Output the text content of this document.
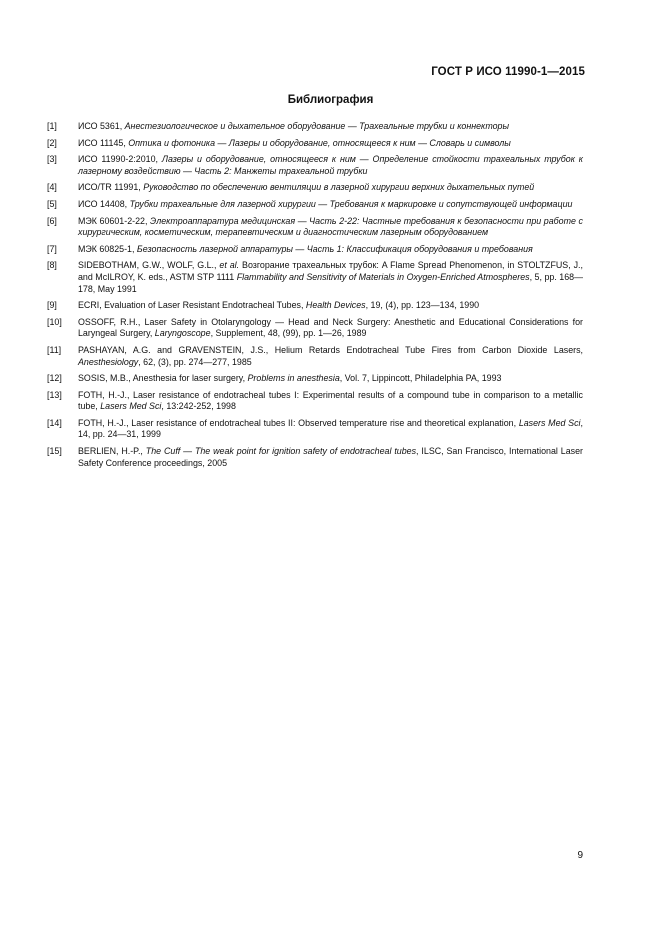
ГОСТ Р ИСО 11990-1—2015
Библиография
[1]	ИСО 5361, Анестезиологическое и дыхательное оборудование — Трахеальные трубки и коннекторы
[2]	ИСО 11145, Оптика и фотоника — Лазеры и оборудование, относящееся к ним — Словарь и символы
[3]	ИСО 11990-2:2010, Лазеры и оборудование, относящееся к ним — Определение стойкости трахеальных трубок к лазерному воздействию — Часть 2: Манжеты трахеальной трубки
[4]	ИСО/TR 11991, Руководство по обеспечению вентиляции в лазерной хирургии верхних дыхательных путей
[5]	ИСО 14408, Трубки трахеальные для лазерной хирургии — Требования к маркировке и сопутствующей информации
[6]	МЭК 60601-2-22, Электроаппаратура медицинская — Часть 2-22: Частные требования к безопасности при работе с хирургическим, косметическим, терапевтическим и диагностическим лазерным оборудованием
[7]	МЭК 60825-1, Безопасность лазерной аппаратуры — Часть 1: Классификация оборудования и требования
[8]	SIDEBOTHAM, G.W., WOLF, G.L., et al. Возгорание трахеальных трубок: A Flame Spread Phenomenon, in STOLTZFUS, J., and McILROY, K. eds., ASTM STP 1111 Flammability and Sensitivity of Materials in Oxygen-Enriched Atmospheres, 5, pp. 168—178, May 1991
[9]	ECRI, Evaluation of Laser Resistant Endotracheal Tubes, Health Devices, 19, (4), pp. 123—134, 1990
[10]	OSSOFF, R.H., Laser Safety in Otolaryngology — Head and Neck Surgery: Anesthetic and Educational Considerations for Laryngeal Surgery, Laryngoscope, Supplement, 48, (99), pp. 1—26, 1989
[11]	PASHAYAN, A.G. and GRAVENSTEIN, J.S., Helium Retards Endotracheal Tube Fires from Carbon Dioxide Lasers, Anesthesiology, 62, (3), pp. 274—277, 1985
[12]	SOSIS, M.B., Anesthesia for laser surgery, Problems in anesthesia, Vol. 7, Lippincott, Philadelphia PA, 1993
[13]	FOTH, H.-J., Laser resistance of endotracheal tubes I: Experimental results of a compound tube in comparison to a metallic tube, Lasers Med Sci, 13:242-252, 1998
[14]	FOTH, H.-J., Laser resistance of endotracheal tubes II: Observed temperature rise and theoretical explanation, Lasers Med Sci, 14, pp. 24—31, 1999
[15]	BERLIEN, H.-P., The Cuff — The weak point for ignition safety of endotracheal tubes, ILSC, San Francisco, International Laser Safety Conference proceedings, 2005
9
